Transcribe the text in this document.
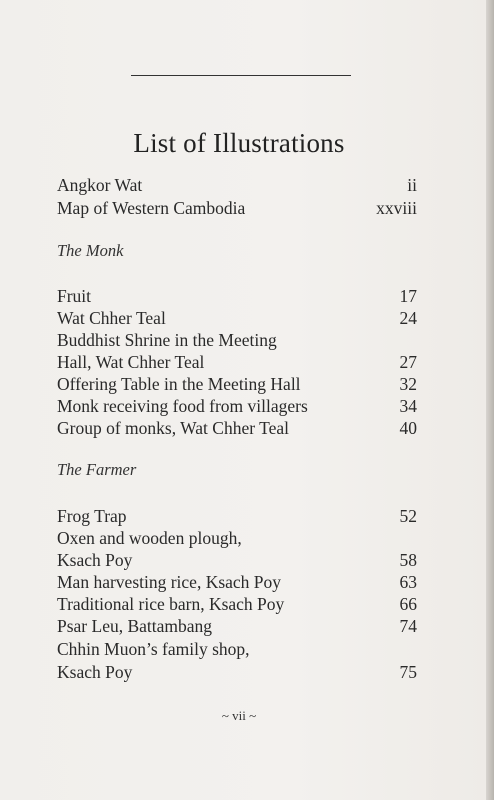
List of Illustrations
Angkor Wat	ii
Map of Western Cambodia	xxviii
The Monk
Fruit	17
Wat Chher Teal	24
Buddhist Shrine in the Meeting
Hall, Wat Chher Teal	27
Offering Table in the Meeting Hall	32
Monk receiving food from villagers	34
Group of monks, Wat Chher Teal	40
The Farmer
Frog Trap	52
Oxen and wooden plough,
Ksach Poy	58
Man harvesting rice, Ksach Poy	63
Traditional rice barn, Ksach Poy	66
Psar Leu, Battambang	74
Chhin Muon’s family shop,
Ksach Poy	75
~ vii ~
